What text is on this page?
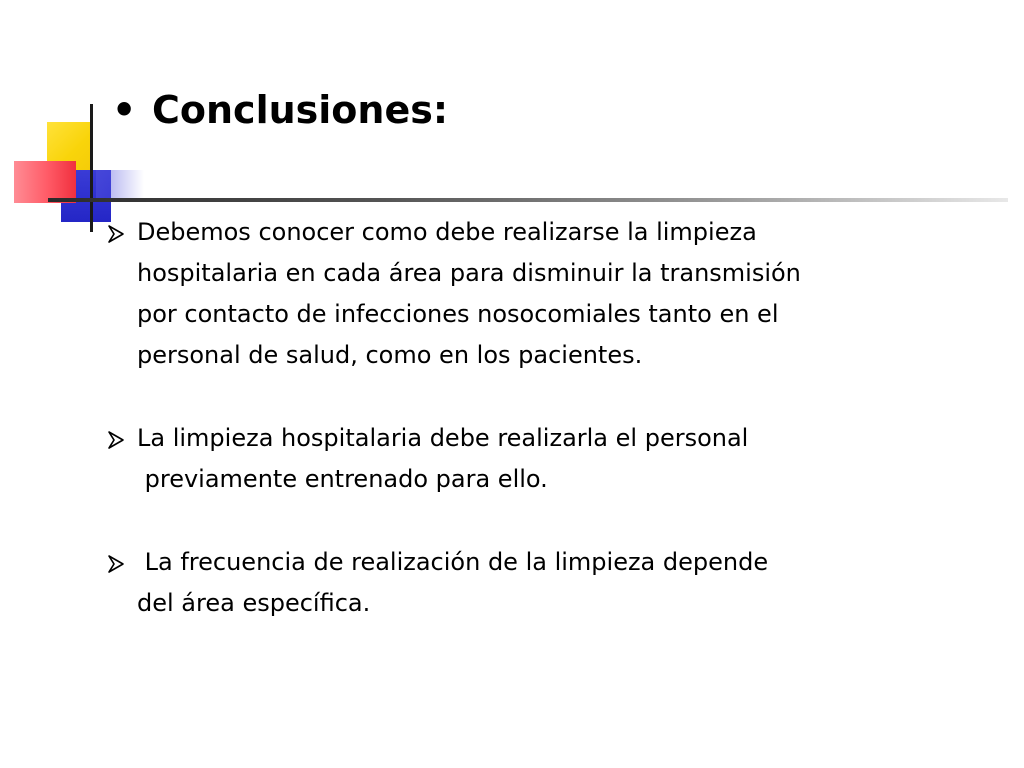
• Conclusiones:
Debemos conocer como debe realizarse la limpieza
hospitalaria en cada área para disminuir la transmisión
por contacto de infecciones nosocomiales tanto en el
personal de salud, como en los pacientes.
La limpieza hospitalaria debe realizarla el personal
previamente entrenado para ello.
La frecuencia de realización de la limpieza depende
del área específica.
